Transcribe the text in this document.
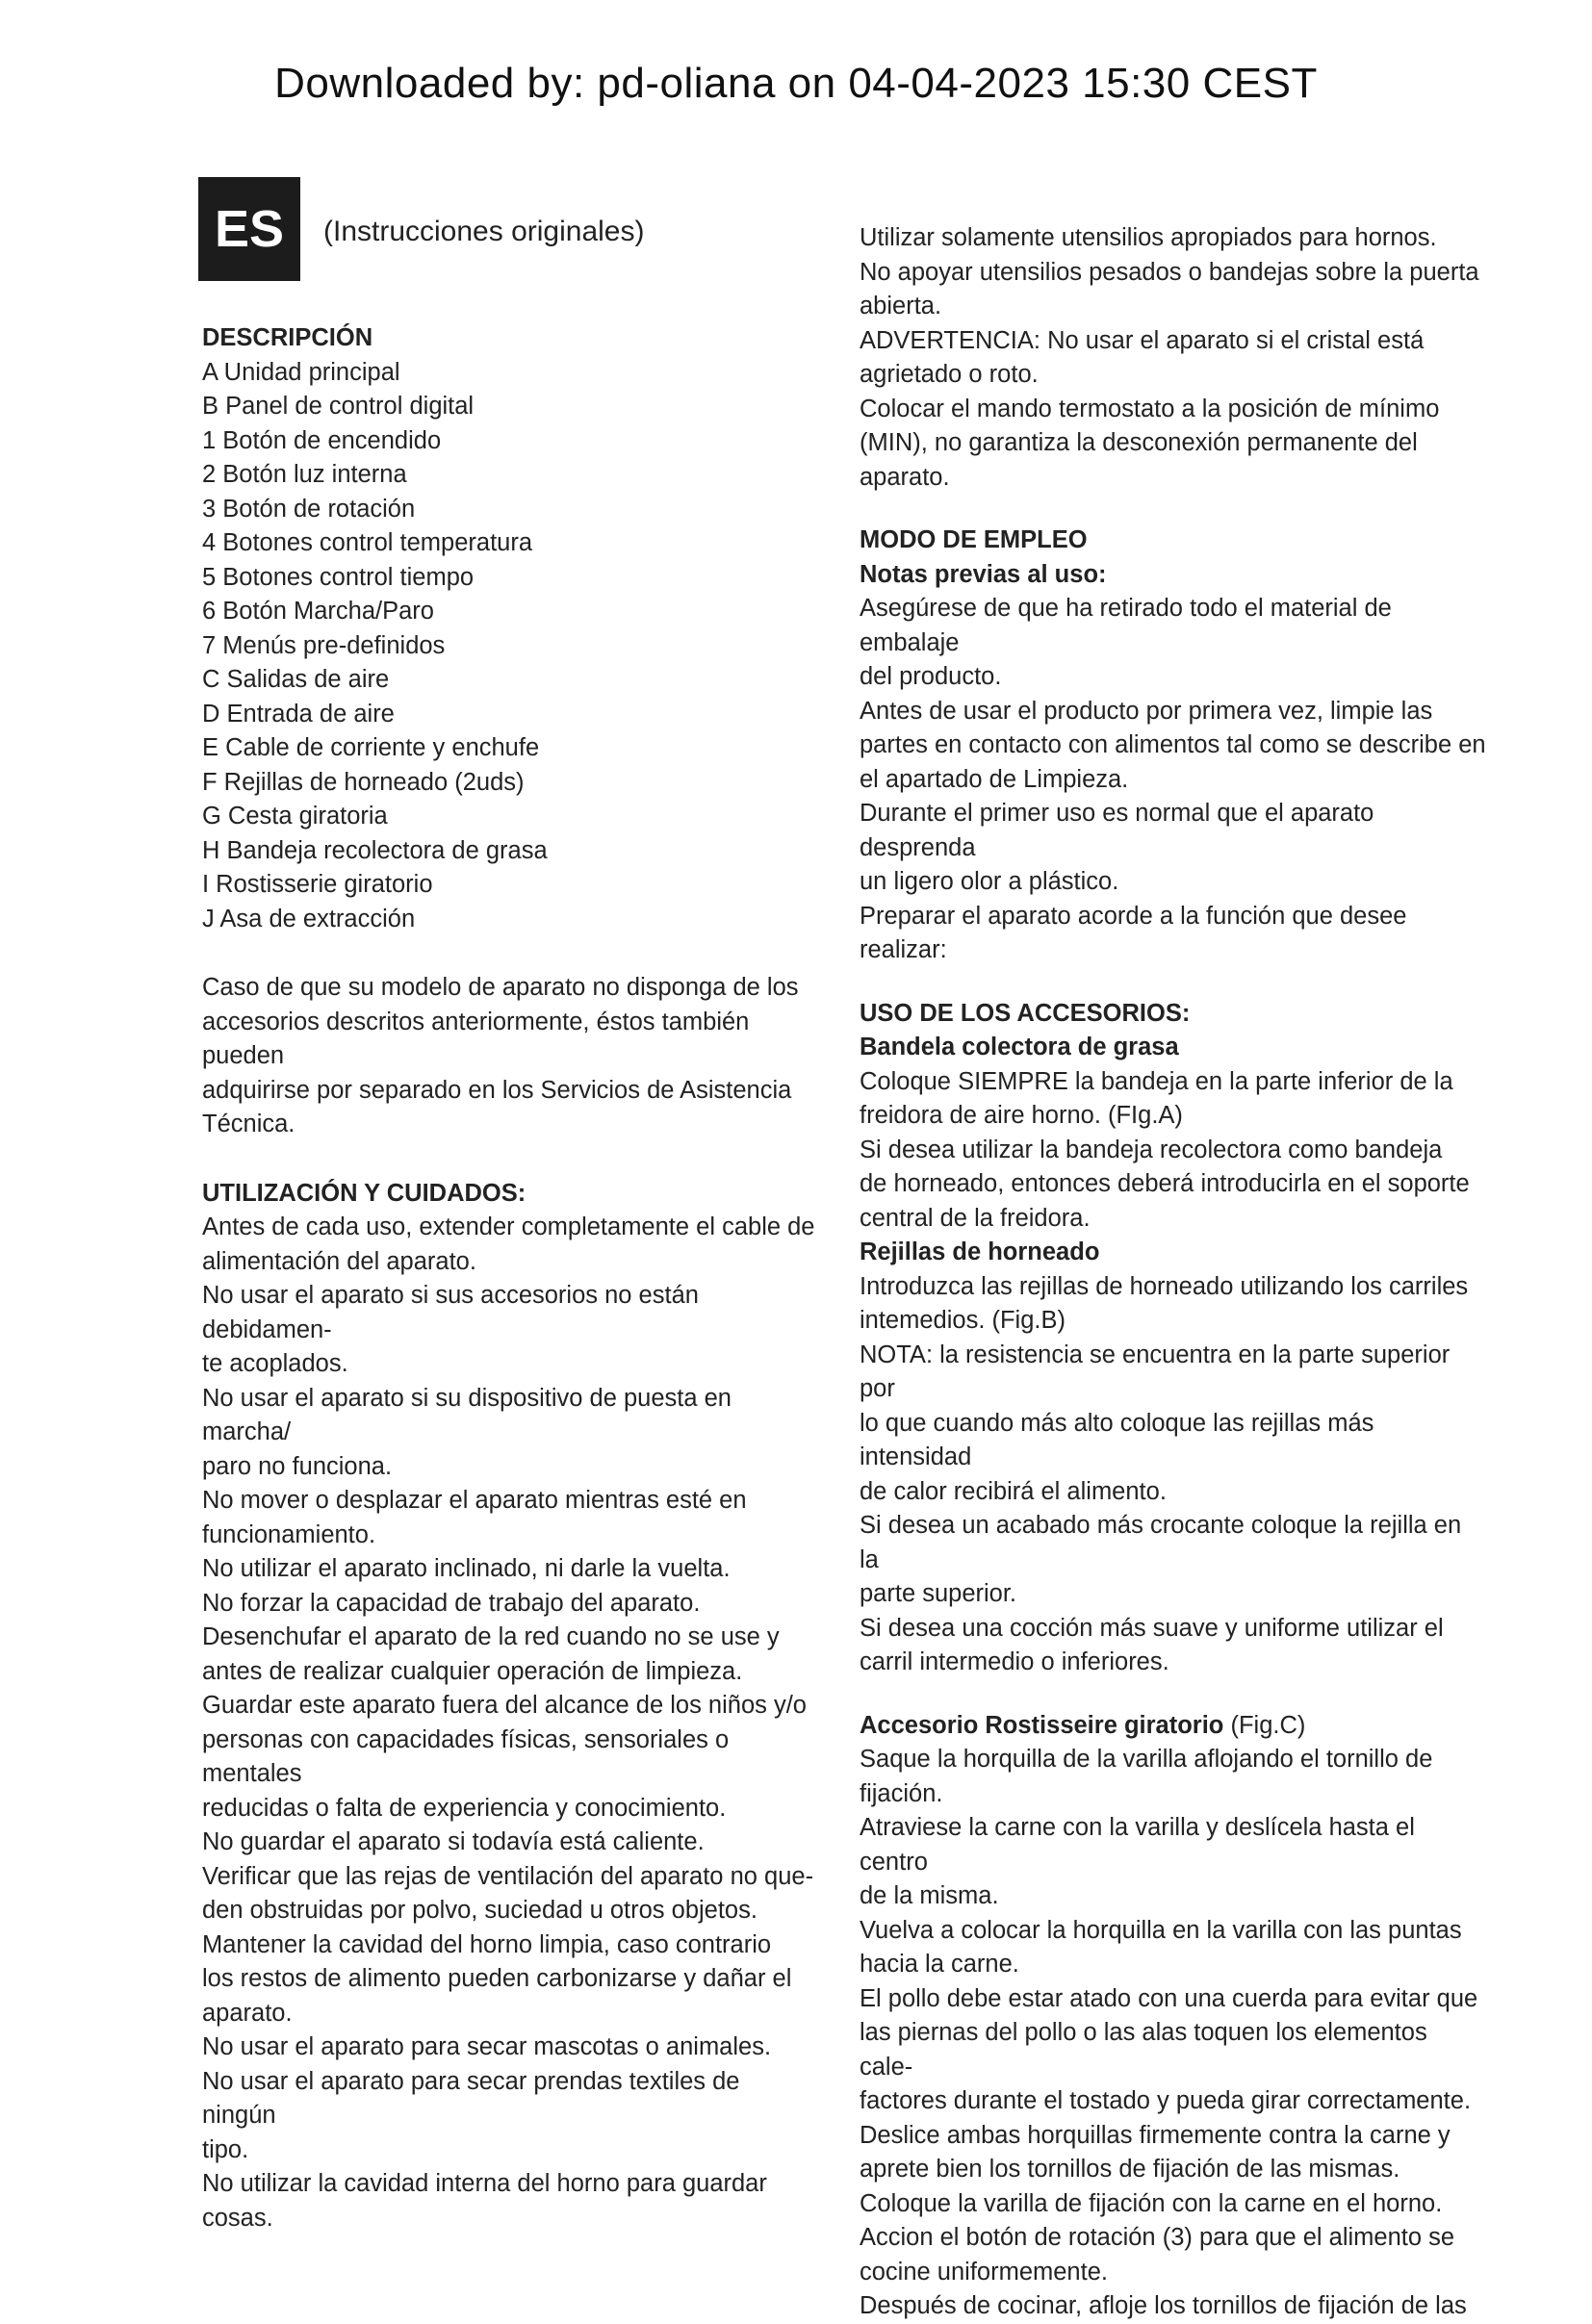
Downloaded by: pd-oliana on 04-04-2023 15:30 CEST
ES	(Instrucciones originales)

DESCRIPCIÓN

A Unidad principal

B Panel de control digital

1 Botón de encendido

2 Botón luz interna

3 Botón de rotación

4 Botones control temperatura

5 Botones control tiempo

6 Botón Marcha/Paro

7 Menús pre-definidos

C Salidas de aire

D Entrada de aire

E Cable de corriente y enchufe

F Rejillas de horneado (2uds)

G Cesta giratoria

H Bandeja recolectora de grasa

I Rostisserie giratorio

J Asa de extracción

Caso de que su modelo de aparato no disponga de los

accesorios descritos anteriormente, éstos también pueden

adquirirse por separado en los Servicios de Asistencia

Técnica.

UTILIZACIÓN Y CUIDADOS:

Antes de cada uso, extender completamente el cable de

alimentación del aparato.

No usar el aparato si sus accesorios no están debidamen-

te acoplados.

No usar el aparato si su dispositivo de puesta en marcha/

paro no funciona.

No mover o desplazar el aparato mientras esté en

funcionamiento.

No utilizar el aparato inclinado, ni darle la vuelta.

No forzar la capacidad de trabajo del aparato.

Desenchufar el aparato de la red cuando no se use y

antes de realizar cualquier operación de limpieza.

Guardar este aparato fuera del alcance de los niños y/o

personas con capacidades físicas, sensoriales o mentales

reducidas o falta de experiencia y conocimiento.

No guardar el aparato si todavía está caliente.

Verificar que las rejas de ventilación del aparato no que-

den obstruidas por polvo, suciedad u otros objetos.

Mantener la cavidad del horno limpia, caso contrario

los restos de alimento pueden carbonizarse y dañar el

aparato.

No usar el aparato para secar mascotas o animales.

No usar el aparato para secar prendas textiles de ningún

tipo.

No utilizar la cavidad interna del horno para guardar

cosas.

Utilizar solamente utensilios apropiados para hornos.

No apoyar utensilios pesados o bandejas sobre la puerta

abierta.

ADVERTENCIA: No usar el aparato si el cristal está

agrietado o roto.

Colocar el mando termostato a la posición de mínimo

(MIN), no garantiza la desconexión permanente del

aparato.

MODO DE EMPLEO

Notas previas al uso:

Asegúrese de que ha retirado todo el material de embalaje

del producto.

Antes de usar el producto por primera vez, limpie las

partes en contacto con alimentos tal como se describe en

el apartado de Limpieza.

Durante el primer uso es normal que el aparato desprenda

un ligero olor a plástico.

Preparar el aparato acorde a la función que desee realizar:

USO DE LOS ACCESORIOS:

Bandela colectora de grasa

Coloque SIEMPRE la bandeja en la parte inferior de la

freidora de aire horno. (FIg.A)

Si desea utilizar la bandeja recolectora como bandeja

de horneado, entonces deberá introducirla en el soporte

central de la freidora.

Rejillas de horneado

Introduzca las rejillas de horneado utilizando los carriles

intemedios. (Fig.B)

NOTA: la resistencia se encuentra en la parte superior por

lo que cuando más alto coloque las rejillas más intensidad

de calor recibirá el alimento.

Si desea un acabado más crocante coloque la rejilla en la

parte superior.

Si desea una cocción más suave y uniforme utilizar el

carril intermedio o inferiores.

Accesorio Rostisseire giratorio (Fig.C)

Saque la horquilla de la varilla aflojando el tornillo de

fijación.

Atraviese la carne con la varilla y deslícela hasta el centro

de la misma.

Vuelva a colocar la horquilla en la varilla con las puntas

hacia la carne.

El pollo debe estar atado con una cuerda para evitar que

las piernas del pollo o las alas toquen los elementos cale-

factores durante el tostado y pueda girar correctamente.

Deslice ambas horquillas firmemente contra la carne y

aprete bien los tornillos de fijación de las mismas.

Coloque la varilla de fijación con la carne en el horno.

Accion el botón de rotación (3) para que el alimento se

cocine uniformemente.

Después de cocinar, afloje los tornillos de fijación de las
